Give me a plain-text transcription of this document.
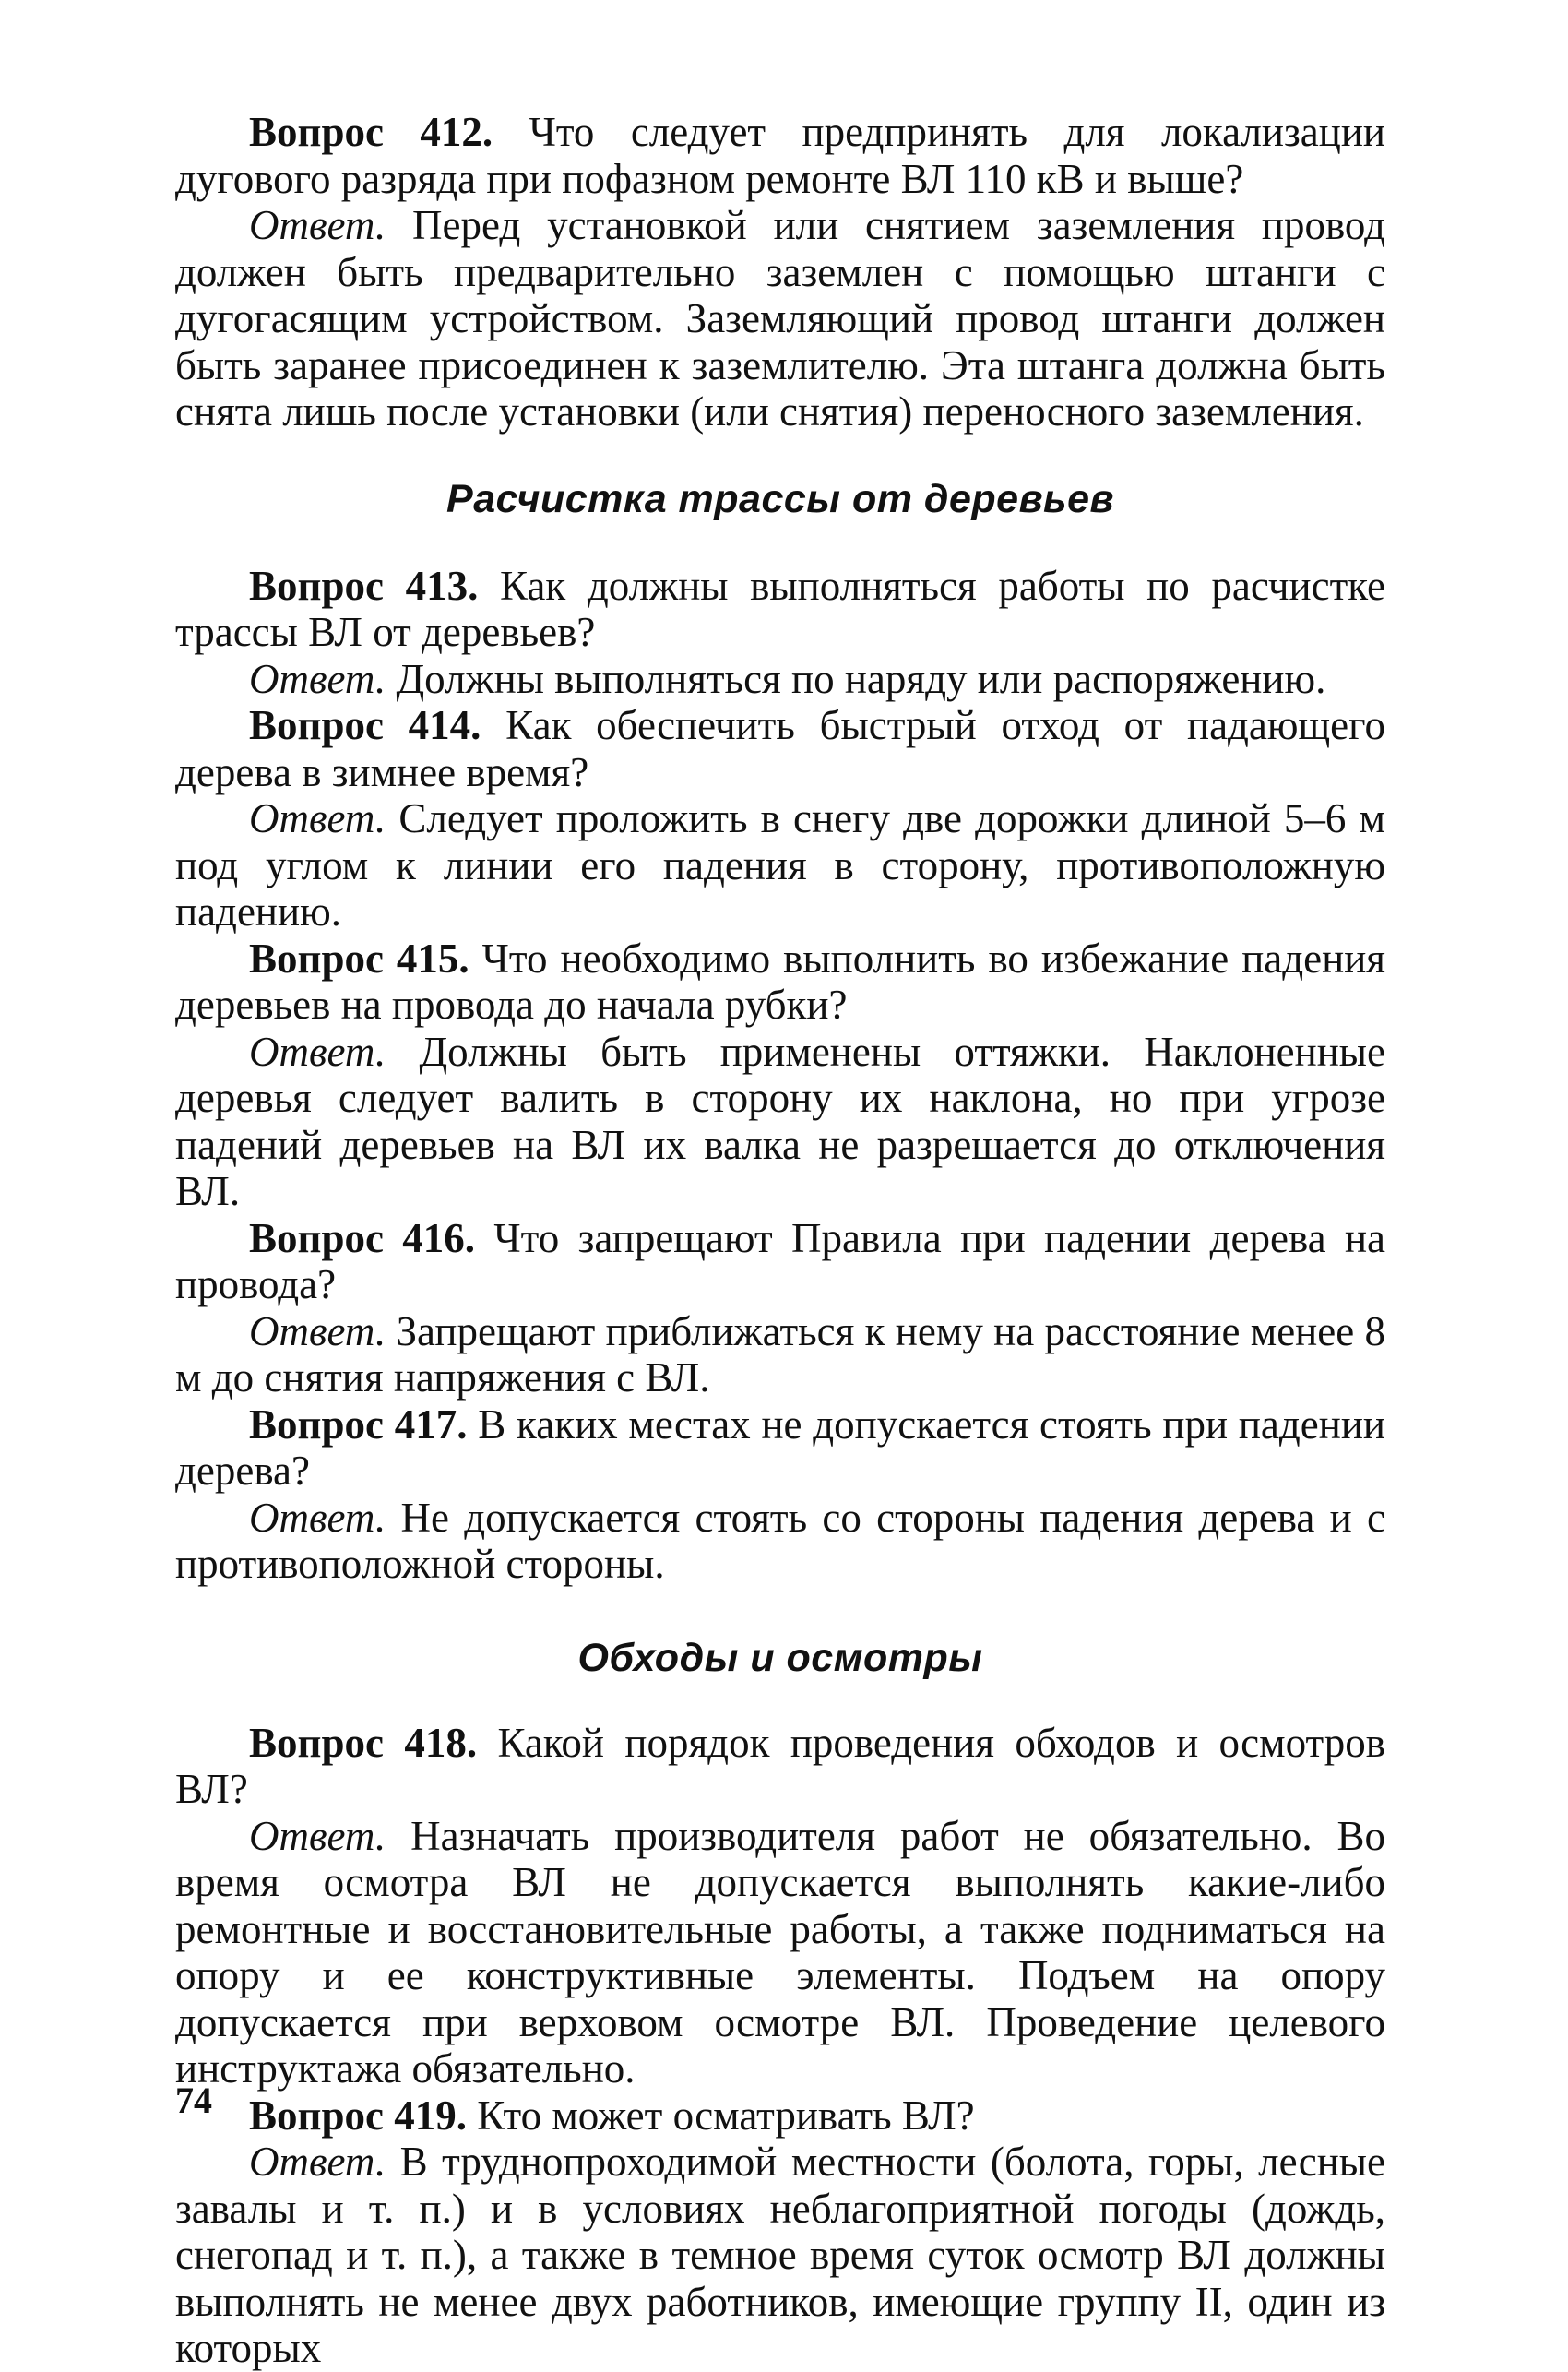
Вопрос 412. Что следует предпринять для локализации дугового разряда при пофазном ремонте ВЛ 110 кВ и выше?

Ответ. Перед установкой или снятием заземления провод должен быть предварительно заземлен с помощью штанги с дугогасящим устройством. Заземляющий провод штанги должен быть заранее присоединен к заземлителю. Эта штанга должна быть снята лишь после установки (или снятия) переносного заземления.

Расчистка трассы от деревьев

Вопрос 413. Как должны выполняться работы по расчистке трассы ВЛ от деревьев?

Ответ. Должны выполняться по наряду или распоряжению.

Вопрос 414. Как обеспечить быстрый отход от падающего дерева в зимнее время?

Ответ. Следует проложить в снегу две дорожки длиной 5–6 м под углом к линии его падения в сторону, противоположную падению.

Вопрос 415. Что необходимо выполнить во избежание падения деревьев на провода до начала рубки?

Ответ. Должны быть применены оттяжки. Наклоненные деревья следует валить в сторону их наклона, но при угрозе падений деревьев на ВЛ их валка не разрешается до отключения ВЛ.

Вопрос 416. Что запрещают Правила при падении дерева на провода?

Ответ. Запрещают приближаться к нему на расстояние менее 8 м до снятия напряжения с ВЛ.

Вопрос 417. В каких местах не допускается стоять при падении дерева?

Ответ. Не допускается стоять со стороны падения дерева и с противоположной стороны.

Обходы и осмотры

Вопрос 418. Какой порядок проведения обходов и осмотров ВЛ?

Ответ. Назначать производителя работ не обязательно. Во время осмотра ВЛ не допускается выполнять какие-либо ремонтные и восстановительные работы, а также подниматься на опору и ее конструктивные элементы. Подъем на опору допускается при верховом осмотре ВЛ. Проведение целевого инструктажа обязательно.

Вопрос 419. Кто может осматривать ВЛ?

Ответ. В труднопроходимой местности (болота, горы, лесные завалы и т. п.) и в условиях неблагоприятной погоды (дождь, снегопад и т. п.), а также в темное время суток осмотр ВЛ должны выполнять не менее двух работников, имеющие группу II, один из которых

74
